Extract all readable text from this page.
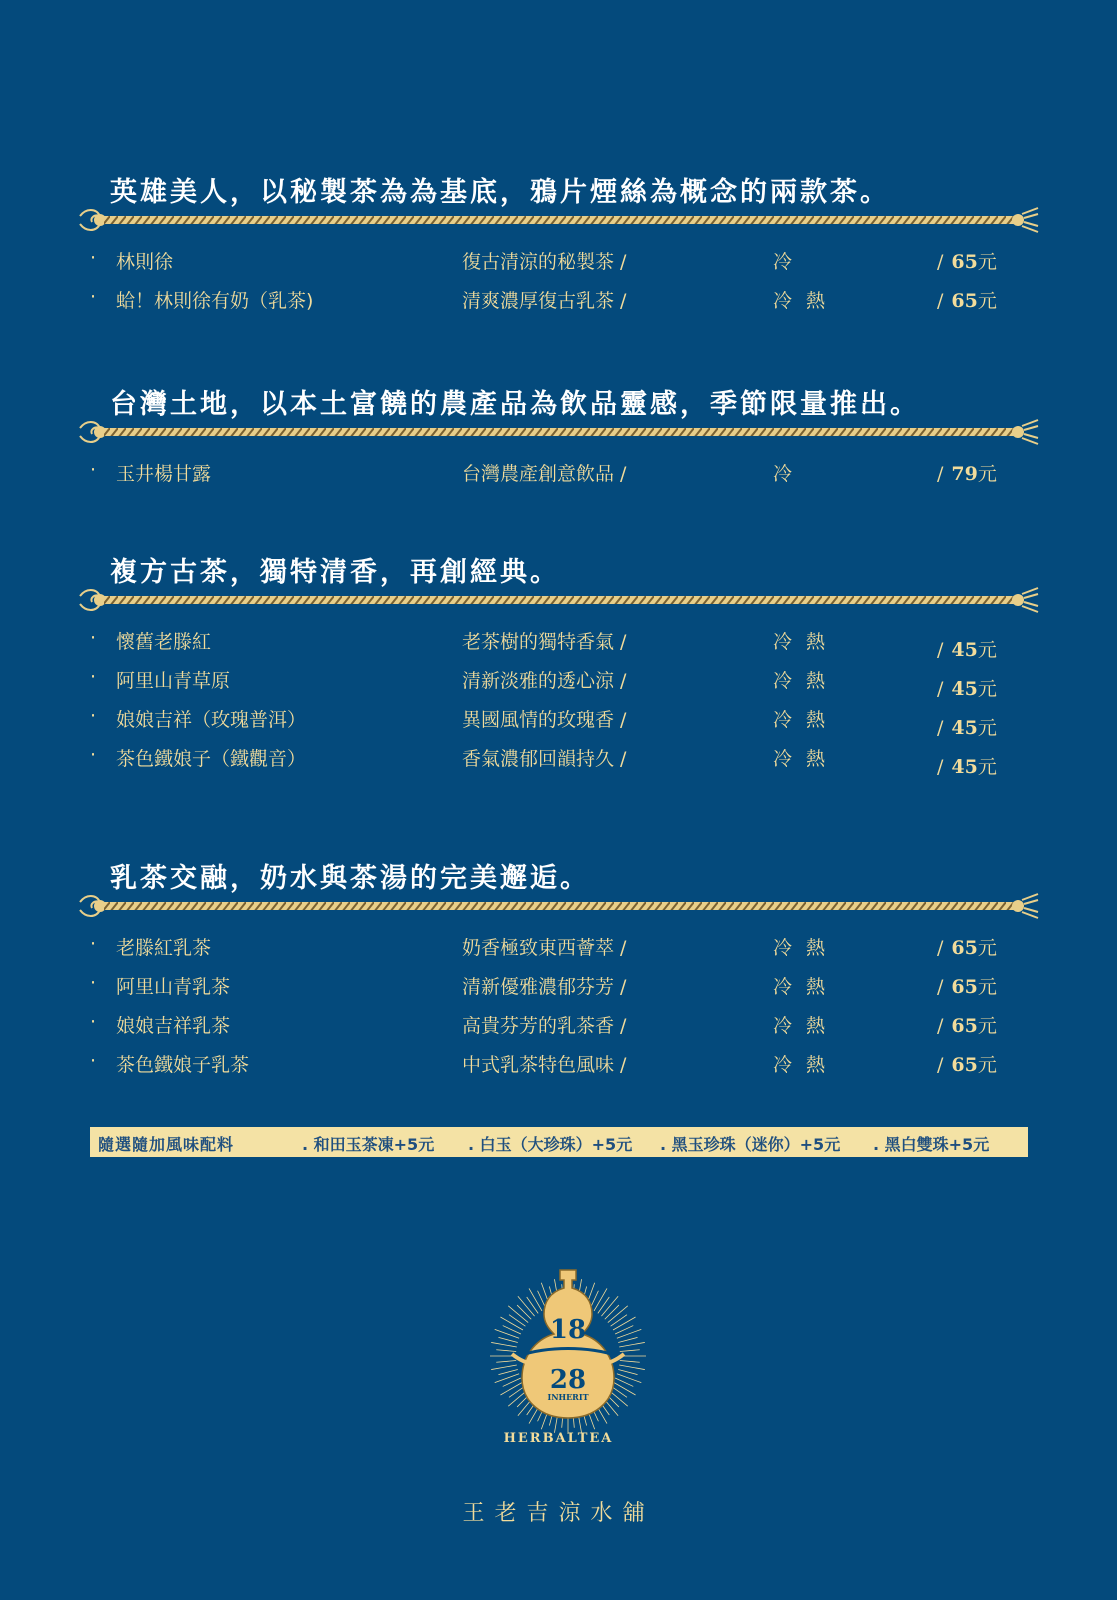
英雄美人，以秘製茶為為基底，鴉片煙絲為概念的兩款茶。
· 林則徐	復古清涼的秘製茶 /	冷	/ 65元
· 蛤！林則徐有奶（乳茶)	清爽濃厚復古乳茶 /	冷 熱	/ 65元
台灣土地，以本土富饒的農產品為飲品靈感，季節限量推出。
· 玉井楊甘露	台灣農產創意飲品 /	冷	/ 79元
複方古茶，獨特清香，再創經典。
· 懷舊老滕紅	老茶樹的獨特香氣 /	冷 熱	/ 45元
· 阿里山青草原	清新淡雅的透心涼 /	冷 熱	/ 45元
· 娘娘吉祥（玫瑰普洱）	異國風情的玫瑰香 /	冷 熱	/ 45元
· 茶色鐵娘子（鐵觀音）	香氣濃郁回韻持久 /	冷 熱	/ 45元
乳茶交融，奶水與茶湯的完美邂逅。
· 老滕紅乳茶	奶香極致東西薈萃 /	冷 熱	/ 65元
· 阿里山青乳茶	清新優雅濃郁芬芳 /	冷 熱	/ 65元
· 娘娘吉祥乳茶	高貴芬芳的乳茶香 /	冷 熱	/ 65元
· 茶色鐵娘子乳茶	中式乳茶特色風味 /	冷 熱	/ 65元
隨選隨加風味配料	. 和田玉茶凍+5元 . 白玉（大珍珠）+5元 . 黑玉珍珠（迷你）+5元 . 黑白雙珠+5元
18
28
INHERIT
HERBALTEA
王老吉涼水舖
